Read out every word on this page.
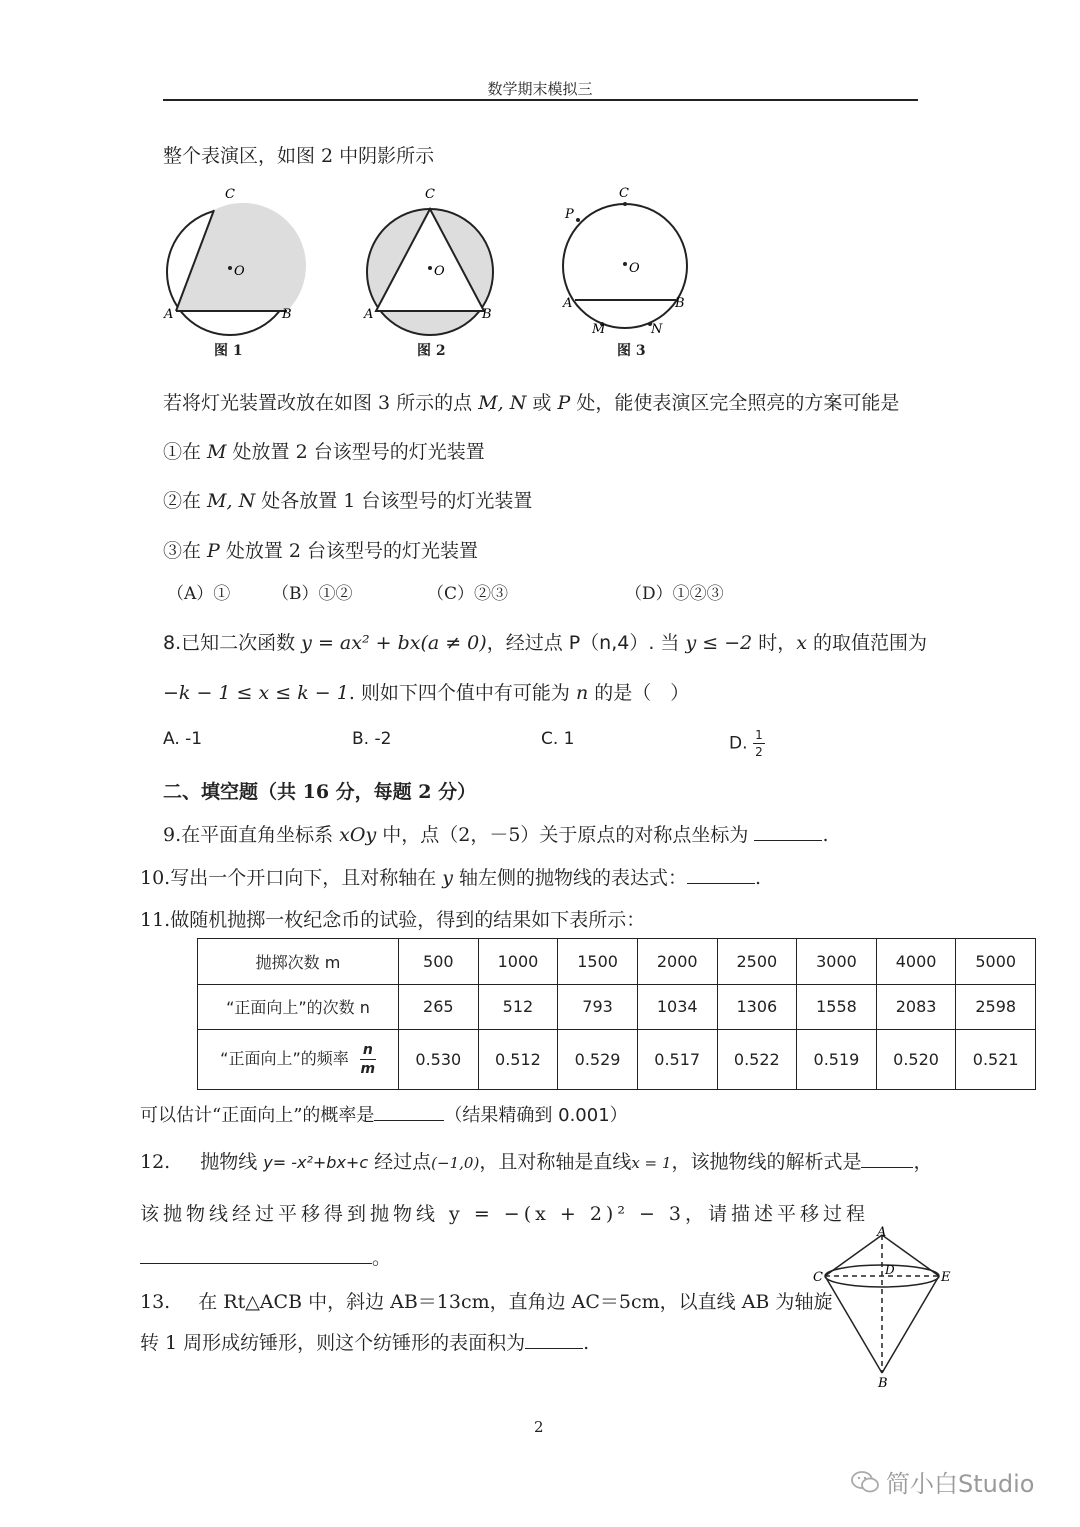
数学期末模拟三
整个表演区，如图 2 中阴影所示
C
O
A	B
图 1
C
O
A	B
图 2
C
P
O
A	B
M	N
图 3
若将灯光装置改放在如图 3 所示的点 M, N 或 P 处，能使表演区完全照亮的方案可能是
①在 M 处放置 2 台该型号的灯光装置
②在 M, N 处各放置 1 台该型号的灯光装置
③在 P 处放置 2 台该型号的灯光装置
（A）① （B）①②	（C）②③	（D）①②③
8.已知二次函数 y = ax² + bx(a ≠ 0)，经过点 P（n,4）. 当 y ≤ −2 时，x 的取值范围为
−k − 1 ≤ x ≤ k − 1. 则如下四个值中有可能为 n 的是（　）
A. -1	B. -2	C. 1	D. $\frac{1}{2}$
二、填空题（共 16 分，每题 2 分）
9.在平面直角坐标系 xOy 中，点（2，－5）关于原点的对称点坐标为	.
10.写出一个开口向下，且对称轴在 y 轴左侧的抛物线的表达式：	.
11.做随机抛掷一枚纪念币的试验，得到的结果如下表所示：
抛掷次数 m	500	1000	1500	2000	2500	3000	4000	5000
“正面向上”的次数 n	265	512	793	1034	1306	1558	2083	2598
“正面向上”的频率 $\frac{n}{m}$	0.530	0.512	0.529	0.517	0.522	0.519	0.520	0.521
可以估计“正面向上”的概率是	（结果精确到 0.001）
12. 抛物线 y= -x²+bx+c 经过点(−1,0)，且对称轴是直线x = 1，该抛物线的解析式是	，
该抛物线经过平移得到抛物线 y = −(x + 2)² − 3，请描述平移过程
。
13. 在 Rt△ACB 中，斜边 AB＝13cm，直角边 AC＝5cm，以直线 AB 为轴旋
转 1 周形成纺锤形，则这个纺锤形的表面积为	.
A
C	E
D
B
2
简小白Studio
